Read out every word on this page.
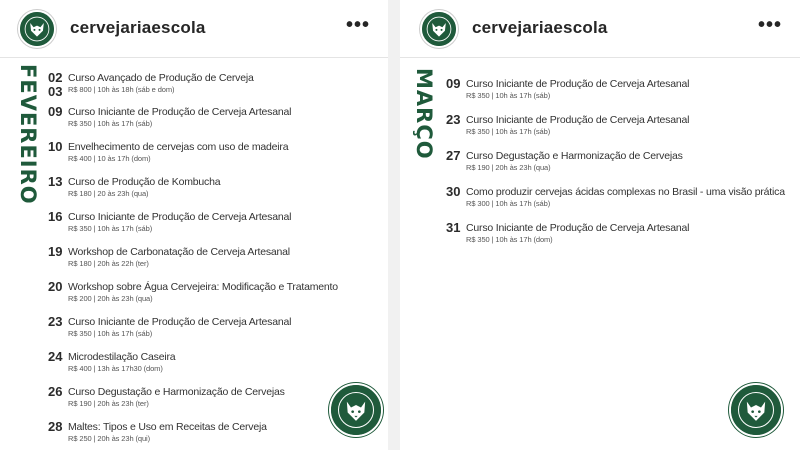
cervejariaescola	•••
FEVEREIRO 02
03
Curso Avançado de Produção de Cerveja
R$ 800 | 10h às 18h (sáb e dom)
09 Curso Iniciante de Produção de Cerveja Artesanal
R$ 350 | 10h às 17h (sáb)
10 Envelhecimento de cervejas com uso de madeira
R$ 400 | 10 às 17h (dom)
13 Curso de Produção de Kombucha
R$ 180 | 20 às 23h (qua)
16 Curso Iniciante de Produção de Cerveja Artesanal
R$ 350 | 10h às 17h (sáb)
19 Workshop de Carbonatação de Cerveja Artesanal
R$ 180 | 20h às 22h (ter)
20 Workshop sobre Água Cervejeira: Modificação e Tratamento
R$ 200 | 20h às 23h (qua)
23 Curso Iniciante de Produção de Cerveja Artesanal
R$ 350 | 10h às 17h (sáb)
24 Microdestilação Caseira
R$ 400 | 13h às 17h30 (dom)
26 Curso Degustação e Harmonização de Cervejas
R$ 190 | 20h às 23h (ter)
28 Maltes: Tipos e Uso em Receitas de Cerveja
R$ 250 | 20h às 23h (qui)
cervejariaescola	•••
MARÇO 09 Curso Iniciante de Produção de Cerveja Artesanal
R$ 350 | 10h às 17h (sáb)
23 Curso Iniciante de Produção de Cerveja Artesanal
R$ 350 | 10h às 17h (sáb)
27 Curso Degustação e Harmonização de Cervejas
R$ 190 | 20h às 23h (qua)
30 Como produzir cervejas ácidas complexas no Brasil - uma visão prática
R$ 300 | 10h às 17h (sáb)
31 Curso Iniciante de Produção de Cerveja Artesanal
R$ 350 | 10h às 17h (dom)
